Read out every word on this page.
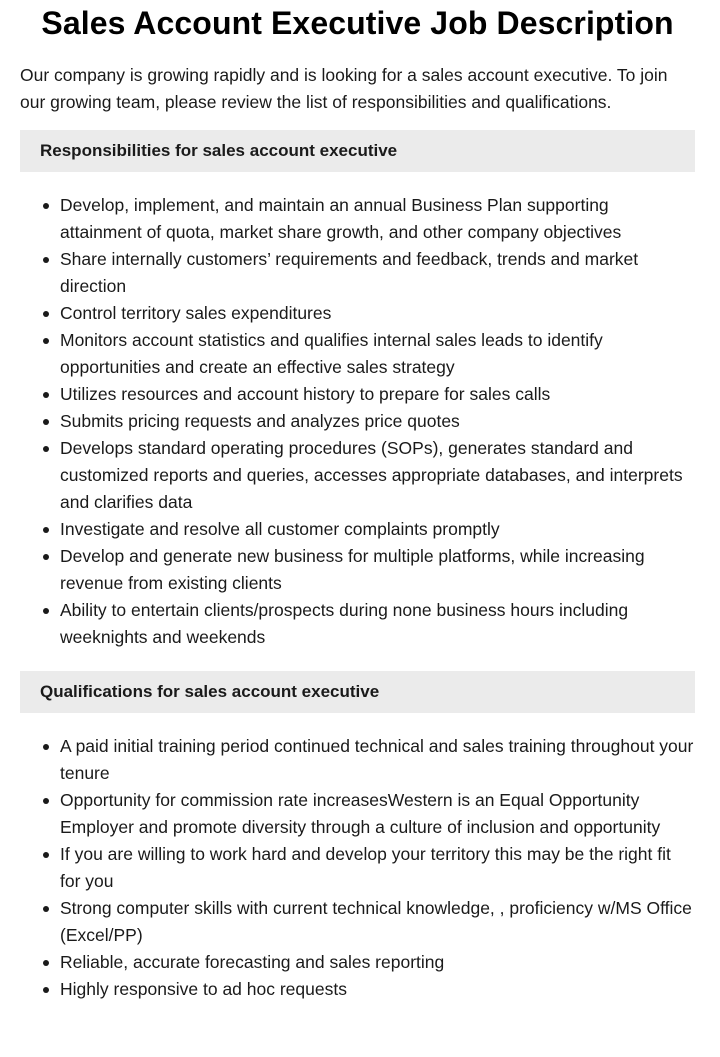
Sales Account Executive Job Description

Our company is growing rapidly and is looking for a sales account executive. To join our growing team, please review the list of responsibilities and qualifications.

Responsibilities for sales account executive
Develop, implement, and maintain an annual Business Plan supporting attainment of quota, market share growth, and other company objectives
Share internally customers’ requirements and feedback, trends and market direction
Control territory sales expenditures
Monitors account statistics and qualifies internal sales leads to identify opportunities and create an effective sales strategy
Utilizes resources and account history to prepare for sales calls
Submits pricing requests and analyzes price quotes
Develops standard operating procedures (SOPs), generates standard and customized reports and queries, accesses appropriate databases, and interprets and clarifies data
Investigate and resolve all customer complaints promptly
Develop and generate new business for multiple platforms, while increasing revenue from existing clients
Ability to entertain clients/prospects during none business hours including weeknights and weekends
Qualifications for sales account executive
A paid initial training period continued technical and sales training throughout your tenure
Opportunity for commission rate increasesWestern is an Equal Opportunity Employer and promote diversity through a culture of inclusion and opportunity
If you are willing to work hard and develop your territory this may be the right fit for you
Strong computer skills with current technical knowledge, , proficiency w/MS Office (Excel/PP)
Reliable, accurate forecasting and sales reporting
Highly responsive to ad hoc requests
